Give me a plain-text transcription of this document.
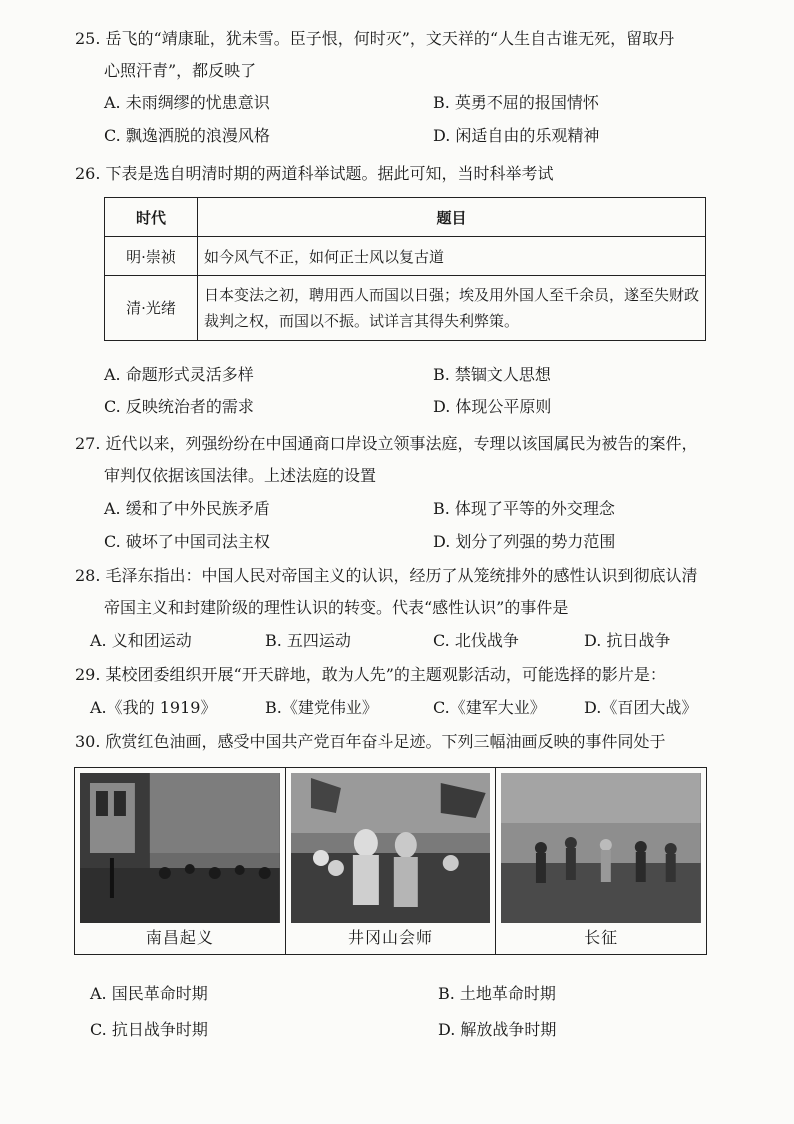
25. 岳飞的“靖康耻，犹未雪。臣子恨，何时灭”，文天祥的“人生自古谁无死，留取丹
心照汗青”，都反映了
A. 未雨绸缪的忧患意识	B. 英勇不屈的报国情怀
C. 飘逸洒脱的浪漫风格	D. 闲适自由的乐观精神
26. 下表是选自明清时期的两道科举试题。据此可知，当时科举考试
时代	题目
明·崇祯	如今风气不正，如何正士风以复古道
清·光绪	日本变法之初，聘用西人而国以日强；埃及用外国人至千余员，遂至失财政裁判之权，而国以不振。试详言其得失利弊策。
A. 命题形式灵活多样	B. 禁锢文人思想
C. 反映统治者的需求	D. 体现公平原则
27. 近代以来，列强纷纷在中国通商口岸设立领事法庭，专理以该国属民为被告的案件，
审判仅依据该国法律。上述法庭的设置
A. 缓和了中外民族矛盾	B. 体现了平等的外交理念
C. 破坏了中国司法主权	D. 划分了列强的势力范围
28. 毛泽东指出：中国人民对帝国主义的认识，经历了从笼统排外的感性认识到彻底认清
帝国主义和封建阶级的理性认识的转变。代表“感性认识”的事件是
A. 义和团运动	B. 五四运动	C. 北伐战争	D. 抗日战争
29. 某校团委组织开展“开天辟地，敢为人先”的主题观影活动，可能选择的影片是：
A.《我的 1919》	B.《建党伟业》	C.《建军大业》 D.《百团大战》
30. 欣赏红色油画，感受中国共产党百年奋斗足迹。下列三幅油画反映的事件同处于
南昌起义	井冈山会师	长征
A. 国民革命时期	B. 土地革命时期
C. 抗日战争时期	D. 解放战争时期
